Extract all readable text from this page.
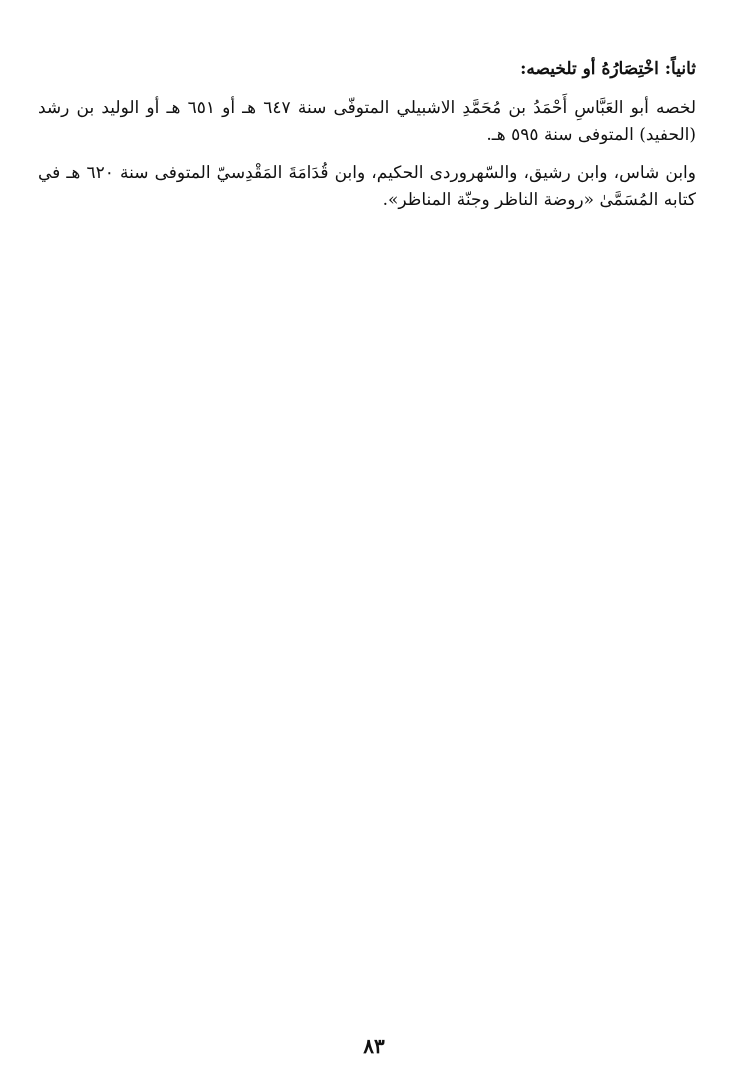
ثانياً: اخْتِصَارُهُ أو تلخيصه:

لخصه أبو العَبَّاسِ أَحْمَدُ بن مُحَمَّدِ الاشبيلي المتوفّى سنة ٦٤٧ هـ أو ٦٥١ هـ أو الوليد بن رشد (الحفيد) المتوفى سنة ٥٩٥ هـ.

وابن شاس، وابن رشيق، والسّهروردى الحكيم، وابن قُدَامَةَ المَقْدِسيّ المتوفى سنة ٦٢٠ هـ في كتابه المُسَمَّىٰ «روضة الناظر وجنّة المناظر».

٨٣
